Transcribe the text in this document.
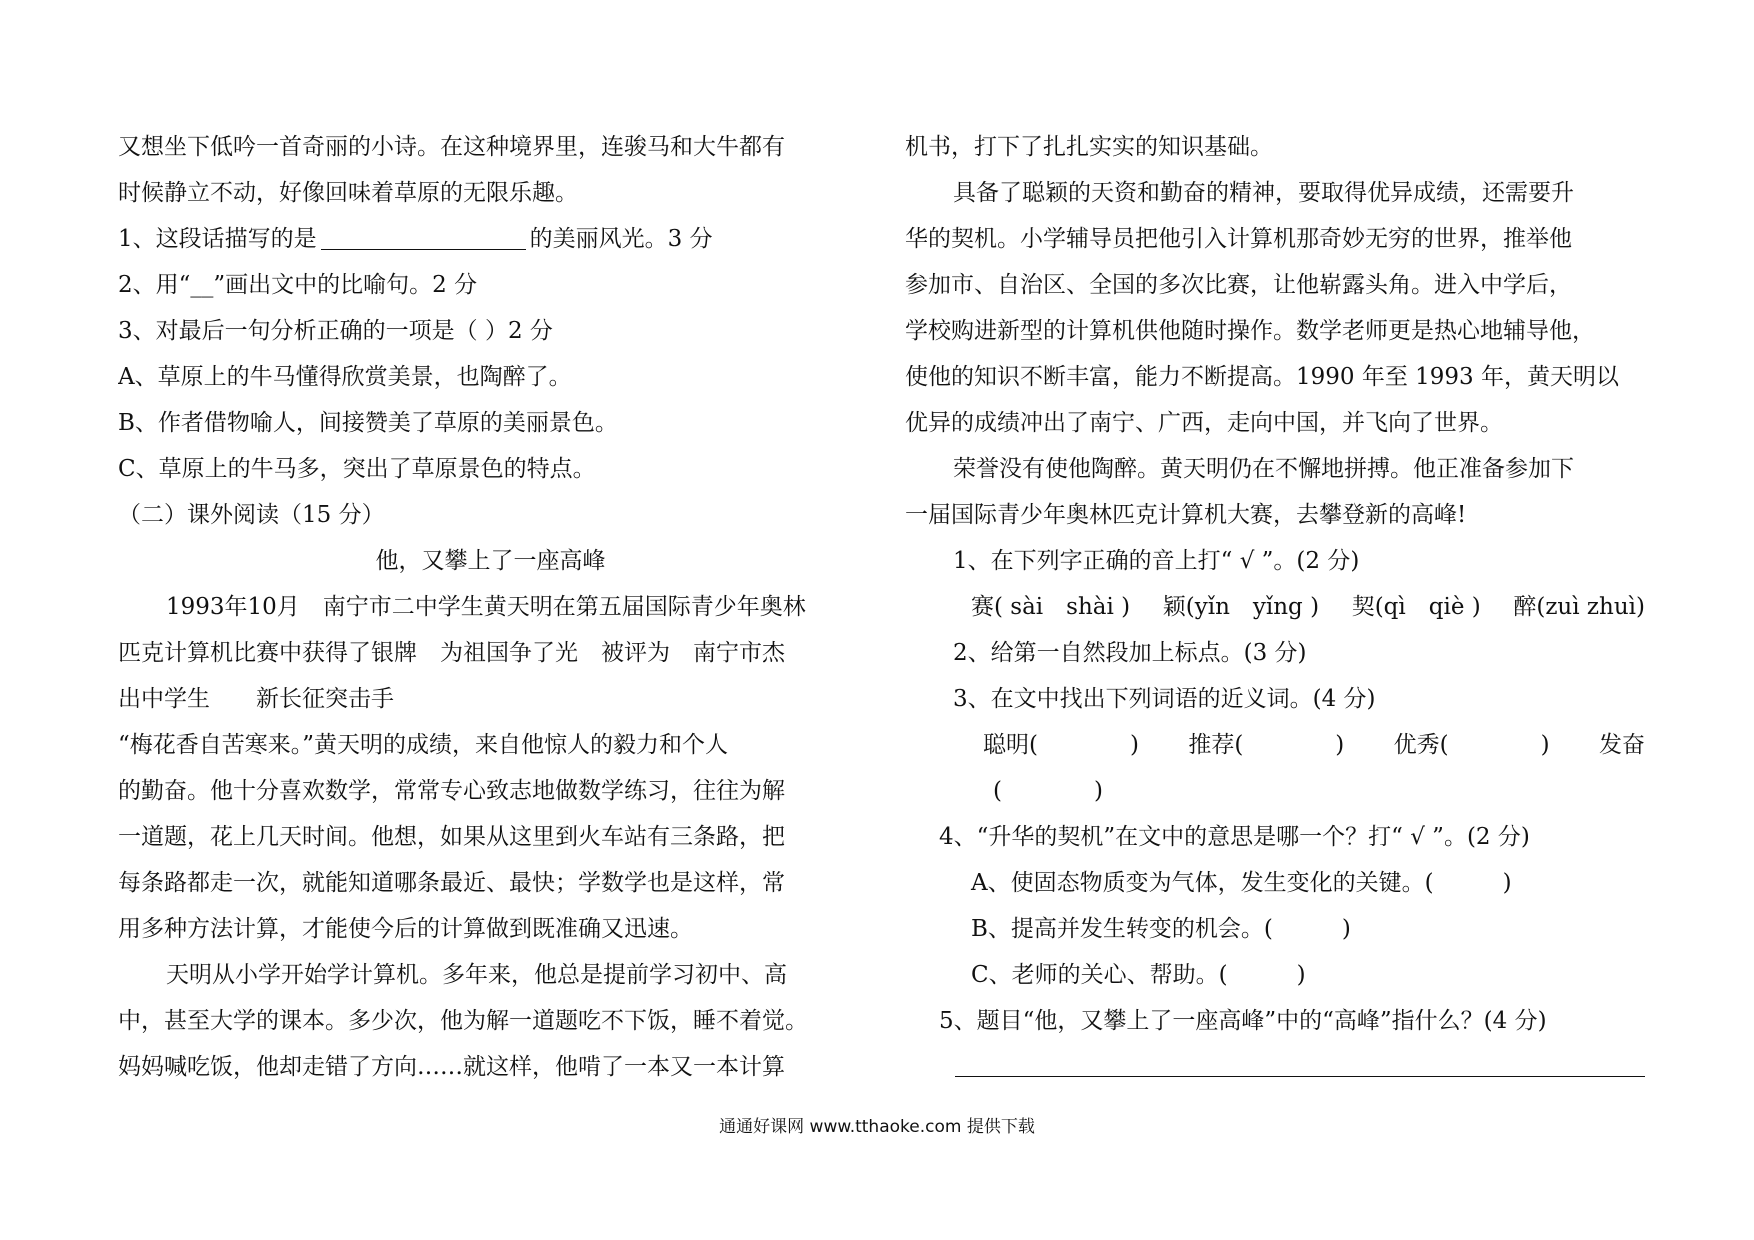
又想坐下低吟一首奇丽的小诗。在这种境界里，连骏马和大牛都有
时候静立不动，好像回味着草原的无限乐趣。
1、这段话描写的是	的美丽风光。3 分
2、用“__”画出文中的比喻句。2 分
3、对最后一句分析正确的一项是（ ）2 分
A、草原上的牛马懂得欣赏美景，也陶醉了。
B、作者借物喻人，间接赞美了草原的美丽景色。
C、草原上的牛马多，突出了草原景色的特点。
（二）课外阅读（15 分）
他，又攀上了一座高峰
1993年10月　南宁市二中学生黄天明在第五届国际青少年奥林
匹克计算机比赛中获得了银牌　为祖国争了光　被评为　南宁市杰
出中学生　　新长征突击手
“梅花香自苦寒来。”黄天明的成绩，来自他惊人的毅力和个人
的勤奋。他十分喜欢数学，常常专心致志地做数学练习，往往为解
一道题，花上几天时间。他想，如果从这里到火车站有三条路，把
每条路都走一次，就能知道哪条最近、最快；学数学也是这样，常
用多种方法计算，才能使今后的计算做到既准确又迅速。
天明从小学开始学计算机。多年来，他总是提前学习初中、高
中，甚至大学的课本。多少次，他为解一道题吃不下饭，睡不着觉。
妈妈喊吃饭，他却走错了方向……就这样，他啃了一本又一本计算
机书，打下了扎扎实实的知识基础。
具备了聪颖的天资和勤奋的精神，要取得优异成绩，还需要升
华的契机。小学辅导员把他引入计算机那奇妙无穷的世界，推举他
参加市、自治区、全国的多次比赛，让他崭露头角。进入中学后，
学校购进新型的计算机供他随时操作。数学老师更是热心地辅导他，
使他的知识不断丰富，能力不断提高。1990 年至 1993 年，黄天明以
优异的成绩冲出了南宁、广西，走向中国，并飞向了世界。
荣誉没有使他陶醉。黄天明仍在不懈地拼搏。他正准备参加下
一届国际青少年奥林匹克计算机大赛，去攀登新的高峰!
1、在下列字正确的音上打“ √ ”。(2 分)
赛( sài　shài ) 颖(yǐn　yǐng ) 契(qì　qiè ) 醉(zuì zhuì)
2、给第一自然段加上标点。(3 分)
3、在文中找出下列词语的近义词。(4 分)
聪明(　　　　) 推荐(　　　　) 优秀(　　　　) 发奋
(　　　　)
4、“升华的契机”在文中的意思是哪一个？打“ √ ”。(2 分)
A、使固态物质变为气体，发生变化的关键。(　　　)
B、提高并发生转变的机会。(　　　)
C、老师的关心、帮助。(　　　)
5、题目“他，又攀上了一座高峰”中的“高峰”指什么？(4 分)
通通好课网 www.tthaoke.com 提供下载
